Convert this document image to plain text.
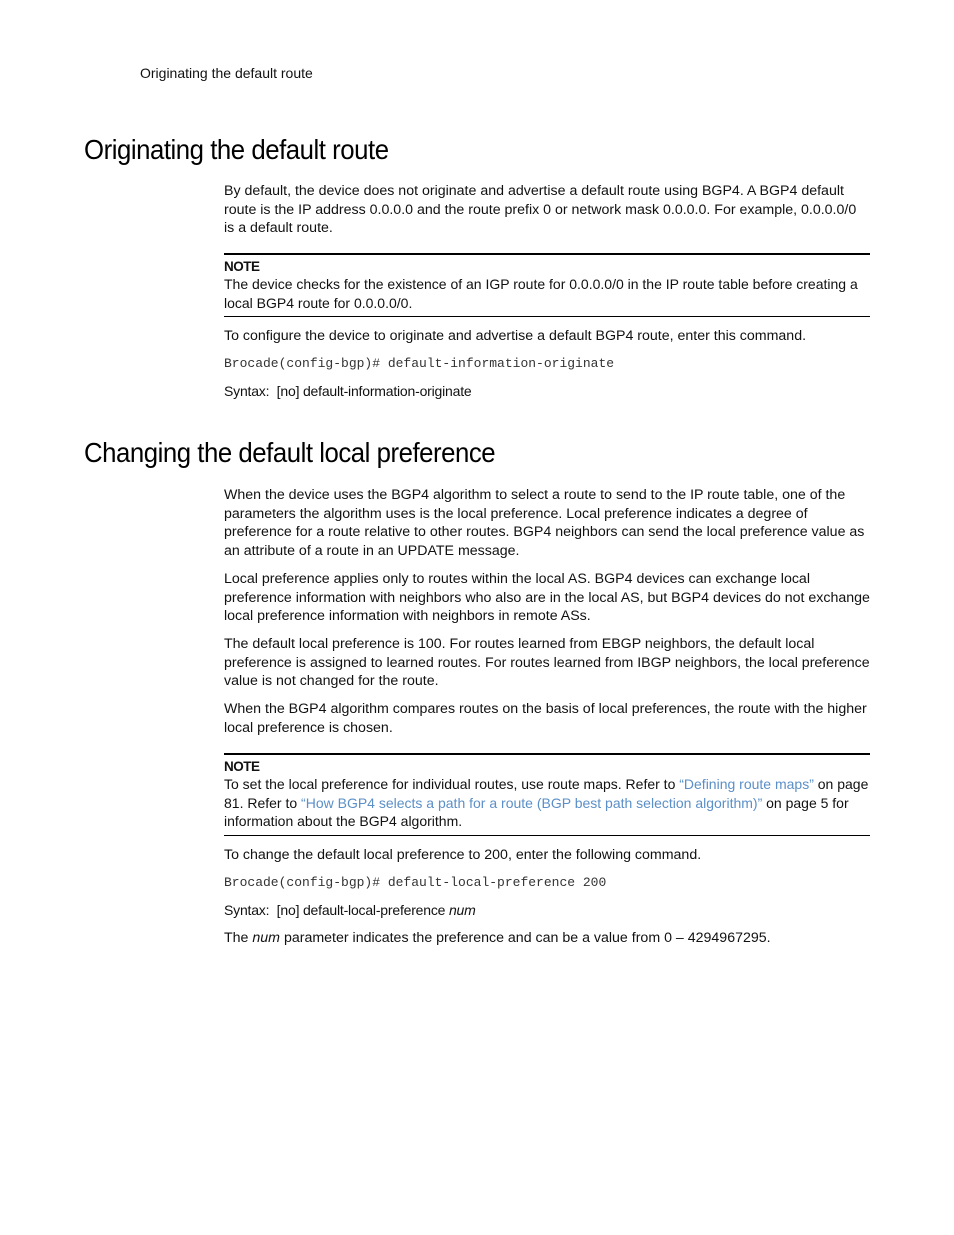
Originating the default route
Originating the default route

By default, the device does not originate and advertise a default route using BGP4. A BGP4 default route is the IP address 0.0.0.0 and the route prefix 0 or network mask 0.0.0.0. For example, 0.0.0.0/0 is a default route.

NOTE
The device checks for the existence of an IGP route for 0.0.0.0/0 in the IP route table before creating a local BGP4 route for 0.0.0.0/0.

To configure the device to originate and advertise a default BGP4 route, enter this command.

Brocade(config-bgp)# default-information-originate
Syntax:  [no] default-information-originate
Changing the default local preference

When the device uses the BGP4 algorithm to select a route to send to the IP route table, one of the parameters the algorithm uses is the local preference. Local preference indicates a degree of preference for a route relative to other routes. BGP4 neighbors can send the local preference value as an attribute of a route in an UPDATE message.

Local preference applies only to routes within the local AS. BGP4 devices can exchange local preference information with neighbors who also are in the local AS, but BGP4 devices do not exchange local preference information with neighbors in remote ASs.

The default local preference is 100. For routes learned from EBGP neighbors, the default local preference is assigned to learned routes. For routes learned from IBGP neighbors, the local preference value is not changed for the route.

When the BGP4 algorithm compares routes on the basis of local preferences, the route with the higher local preference is chosen.

NOTE
To set the local preference for individual routes, use route maps. Refer to “Defining route maps” on page 81. Refer to “How BGP4 selects a path for a route (BGP best path selection algorithm)” on page 5 for information about the BGP4 algorithm.

To change the default local preference to 200, enter the following command.

Brocade(config-bgp)# default-local-preference 200
Syntax:  [no] default-local-preference num

The num parameter indicates the preference and can be a value from 0 – 4294967295.
